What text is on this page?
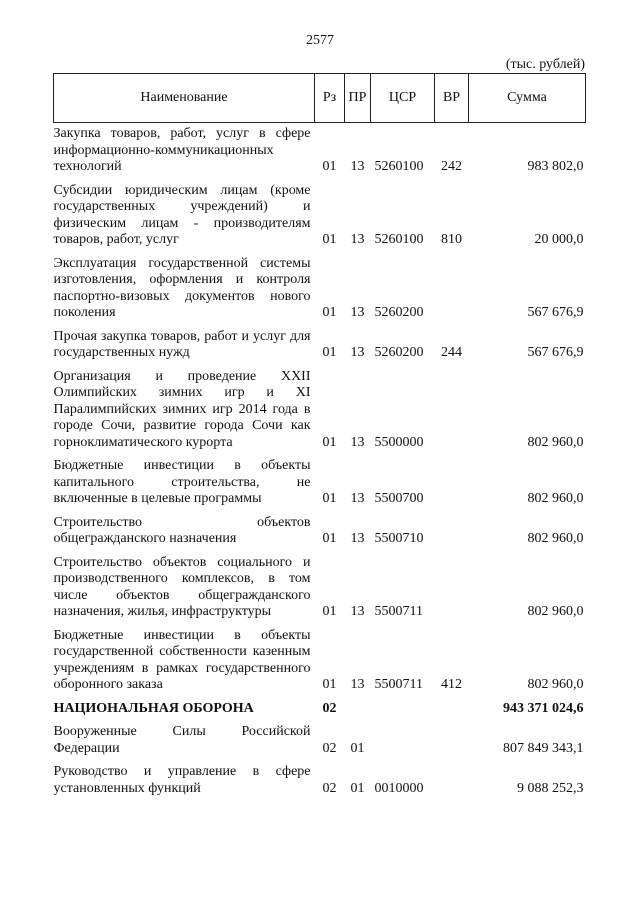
2577
(тыс. рублей)
Наименование	Рз	ПР	ЦСР	ВР	Сумма
Закупка товаров, работ, услуг в сфере информационно-коммуникационных технологий	01	13	5260100	242	983 802,0
Субсидии юридическим лицам (кроме государственных учреждений) и физическим лицам - производителям товаров, работ, услуг	01	13	5260100	810	20 000,0
Эксплуатация государственной системы изготовления, оформления и контроля паспортно-визовых документов нового поколения	01	13	5260200		567 676,9
Прочая закупка товаров, работ и услуг для государственных нужд	01	13	5260200	244	567 676,9
Организация и проведение XXII Олимпийских зимних игр и XI Паралимпийских зимних игр 2014 года в городе Сочи, развитие города Сочи как горноклиматического курорта	01	13	5500000		802 960,0
Бюджетные инвестиции в объекты капитального строительства, не включенные в целевые программы	01	13	5500700		802 960,0
Строительство объектов общегражданского назначения	01	13	5500710		802 960,0
Строительство объектов социального и производственного комплексов, в том числе объектов общегражданского назначения, жилья, инфраструктуры	01	13	5500711		802 960,0
Бюджетные инвестиции в объекты государственной собственности казенным учреждениям в рамках государственного оборонного заказа	01	13	5500711	412	802 960,0
НАЦИОНАЛЬНАЯ ОБОРОНА	02				943 371 024,6
Вооруженные Силы Российской Федерации	02	01			807 849 343,1
Руководство и управление в сфере установленных функций	02	01	0010000		9 088 252,3
